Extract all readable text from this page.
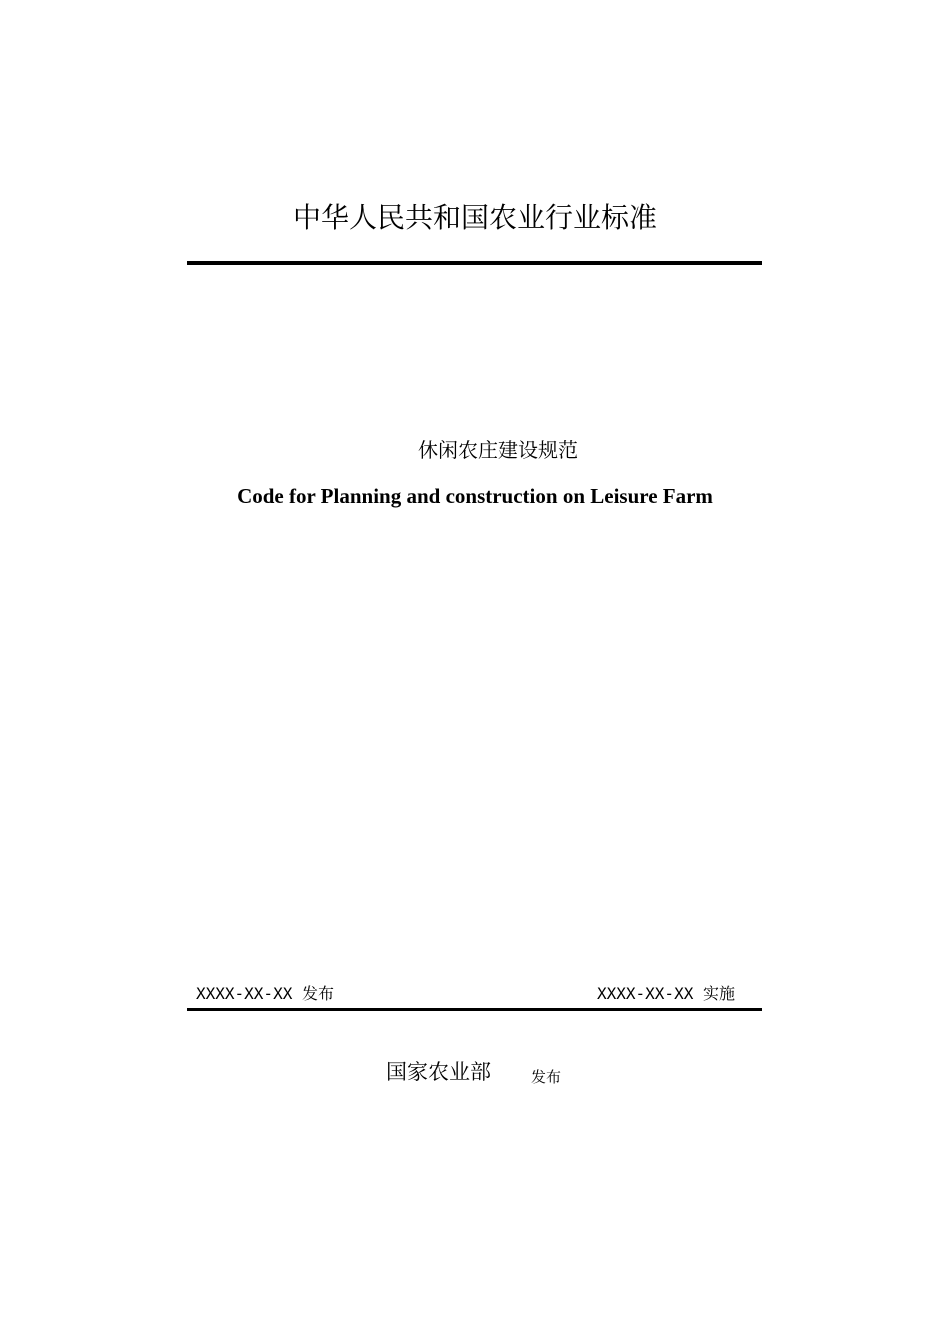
中华人民共和国农业行业标准
休闲农庄建设规范
Code for Planning and construction on Leisure Farm
XXXX-XX-XX 发布	XXXX-XX-XX 实施
国家农业部	发布
